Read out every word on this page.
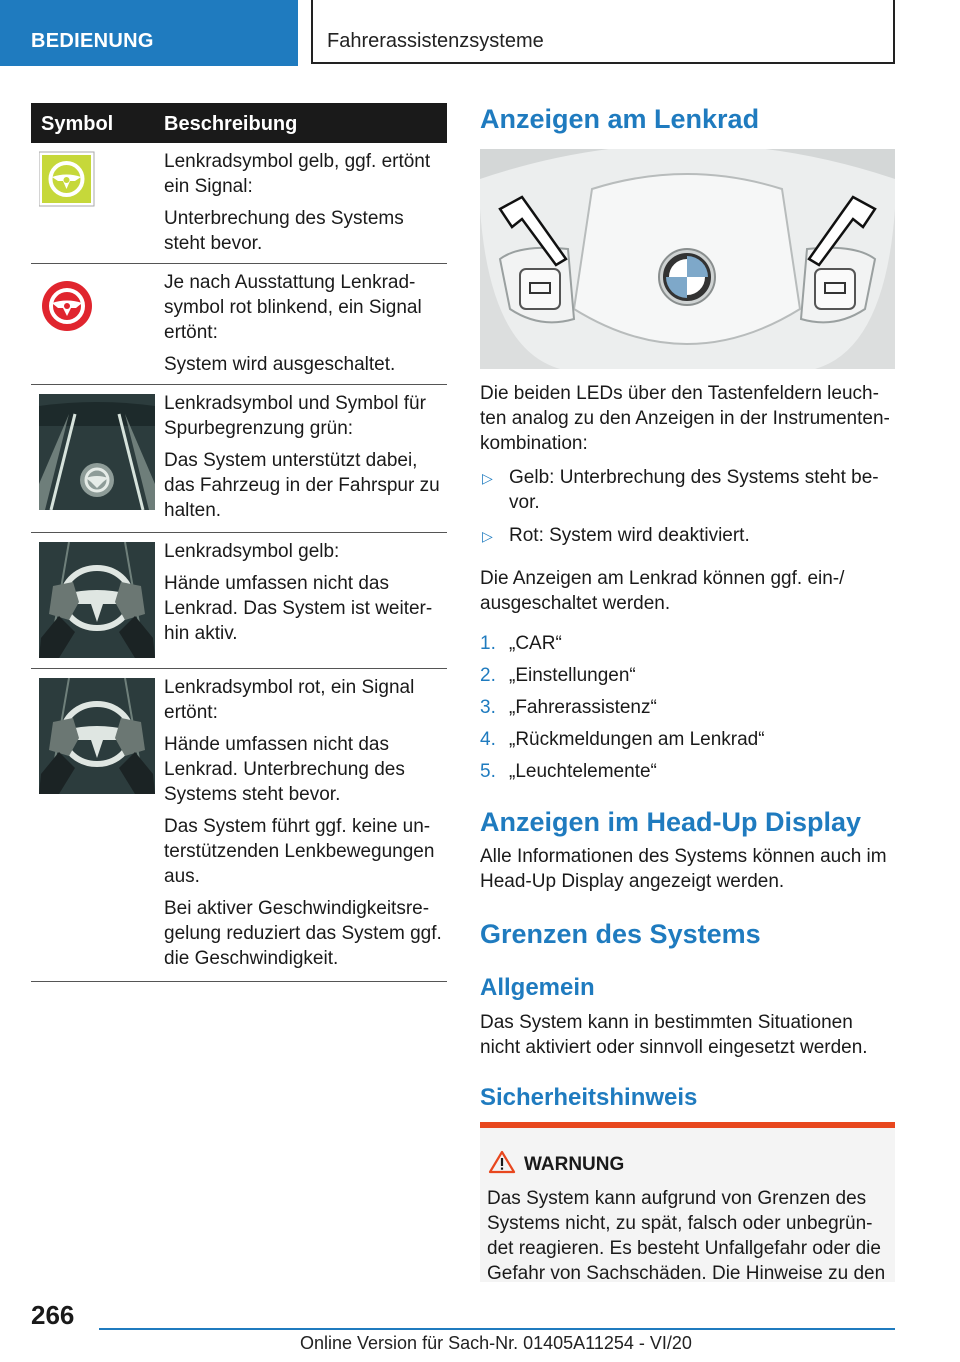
BEDIENUNG	Fahrerassistenzsysteme
Symbol	Beschreibung

Lenkradsymbol gelb, ggf. ertönt ein Signal:

Unterbrechung des Systems steht bevor.

Je nach Ausstattung Lenkrad-symbol rot blinkend, ein Signal ertönt:

System wird ausgeschaltet.

Lenkradsymbol und Symbol für Spurbegrenzung grün:

Das System unterstützt dabei, das Fahrzeug in der Fahrspur zu halten.

Lenkradsymbol gelb:

Hände umfassen nicht das Lenkrad. Das System ist weiter-hin aktiv.

Lenkradsymbol rot, ein Signal ertönt:

Hände umfassen nicht das Lenkrad. Unterbrechung des Systems steht bevor.

Das System führt ggf. keine un-terstützenden Lenkbewegungen aus.

Bei aktiver Geschwindigkeitsre-gelung reduziert das System ggf. die Geschwindigkeit.

Anzeigen am Lenkrad
Die beiden LEDs über den Tastenfeldern leuch-ten analog zu den Anzeigen in der Instrumenten-kombination:
▷ Gelb: Unterbrechung des Systems steht be-vor.
▷ Rot: System wird deaktiviert.
Die Anzeigen am Lenkrad können ggf. ein-/ ausgeschaltet werden.
1. „CAR“
2. „Einstellungen“
3. „Fahrerassistenz“
4. „Rückmeldungen am Lenkrad“
5. „Leuchtelemente“
Anzeigen im Head-Up Display
Alle Informationen des Systems können auch im Head-Up Display angezeigt werden.
Grenzen des Systems
Allgemein
Das System kann in bestimmten Situationen nicht aktiviert oder sinnvoll eingesetzt werden.
Sicherheitshinweis
WARNUNG
Das System kann aufgrund von Grenzen des Systems nicht, zu spät, falsch oder unbegrün-det reagieren. Es besteht Unfallgefahr oder die Gefahr von Sachschäden. Die Hinweise zu den
266
Online Version für Sach-Nr. 01405A11254 - VI/20
